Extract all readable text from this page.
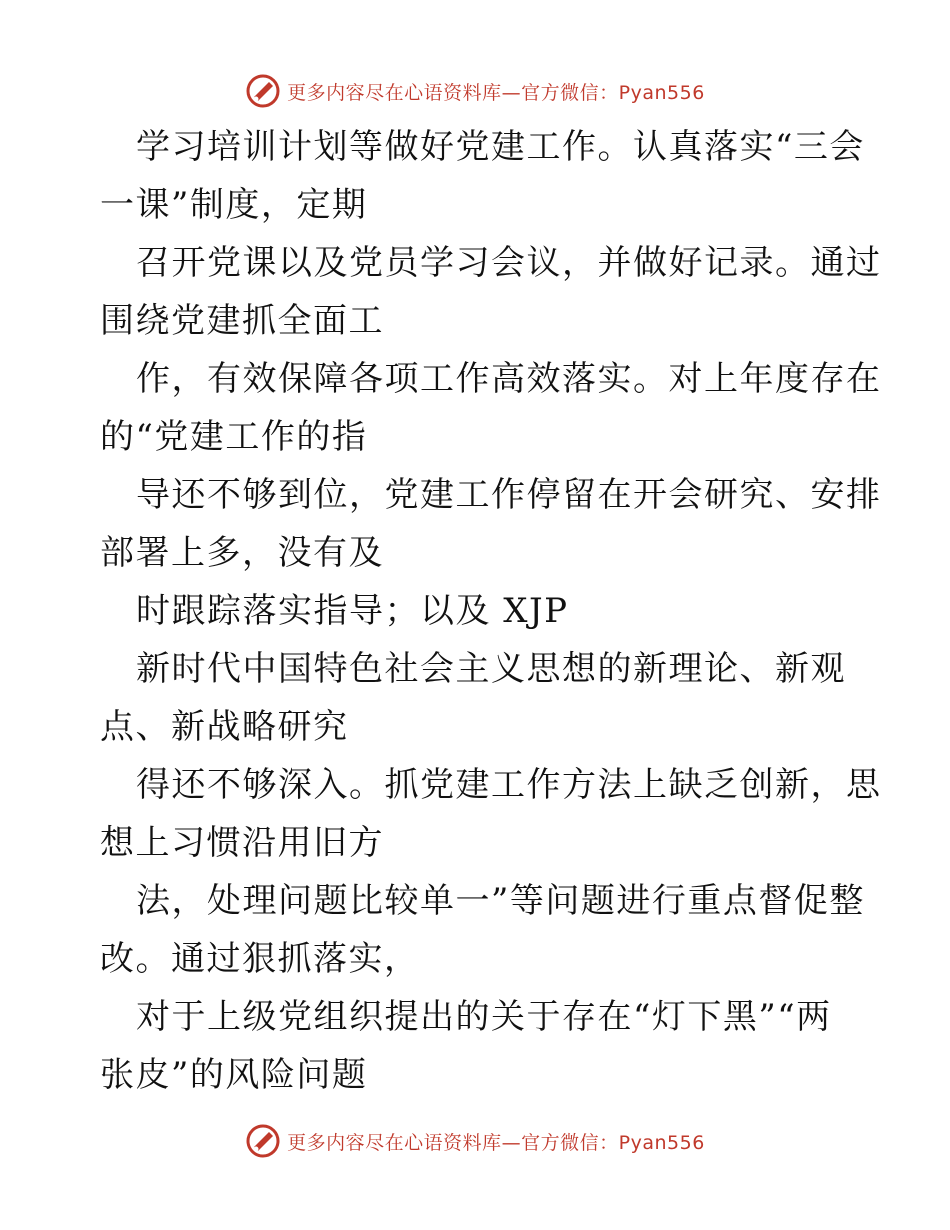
更多内容尽在心语资料库—官方微信：Pyan556
学习培训计划等做好党建工作。认真落实“三会
一课”制度，定期
召开党课以及党员学习会议，并做好记录。通过
围绕党建抓全面工
作，有效保障各项工作高效落实。对上年度存在
的“党建工作的指
导还不够到位，党建工作停留在开会研究、安排
部署上多，没有及
时跟踪落实指导；以及 XJP
新时代中国特色社会主义思想的新理论、新观
点、新战略研究
得还不够深入。抓党建工作方法上缺乏创新，思
想上习惯沿用旧方
法，处理问题比较单一”等问题进行重点督促整
改。通过狠抓落实，
对于上级党组织提出的关于存在“灯下黑”“两
张皮”的风险问题
更多内容尽在心语资料库—官方微信：Pyan556
